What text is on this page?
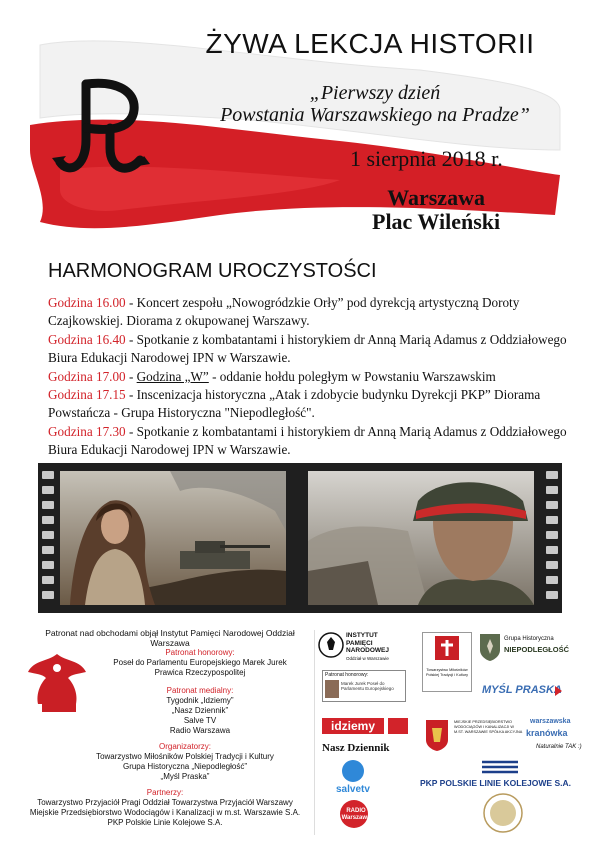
ŻYWA LEKCJA HISTORII
„Pierwszy dzień
Powstania Warszawskiego na Pradze”
1 sierpnia 2018 r.
Warszawa
Plac Wileński
HARMONOGRAM UROCZYSTOŚCI
Godzina 16.00 - Koncert zespołu „Nowogródzkie Orły” pod dyrekcją artystyczną Doroty Czajkowskiej. Diorama z okupowanej Warszawy.
Godzina 16.40 - Spotkanie z kombatantami i historykiem dr Anną Marią Adamus z Oddziałowego Biura Edukacji Narodowej IPN w Warszawie.
Godzina 17.00 - Godzina „W” - oddanie hołdu poległym w Powstaniu Warszawskim
Godzina 17.15 - Inscenizacja historyczna „Atak i zdobycie budynku Dyrekcji PKP” Diorama Powstańcza - Grupa Historyczna "Niepodległość".
Godzina 17.30 - Spotkanie z kombatantami i historykiem dr Anną Marią Adamus z Oddziałowego Biura Edukacji Narodowej IPN w Warszawie.
Patronat nad obchodami objął Instytut Pamięci Narodowej Oddział Warszawa
Patronat honorowy:
Poseł do Parlamentu Europejskiego Marek Jurek
Prawica Rzeczypospolitej
Patronat medialny:
Tygodnik „Idziemy”
„Nasz Dziennik”
Salve TV
Radio Warszawa
Organizatorzy:
Towarzystwo Miłośników Polskiej Tradycji i Kultury
Grupa Historyczna „Niepodległość”
„Myśl Praska”
Partnerzy:
Towarzystwo Przyjaciół Pragi Oddział Towarzystwa Przyjaciół Warszawy
Miejskie Przedsiębiorstwo Wodociągów i Kanalizacji w m.st. Warszawie S.A.
PKP Polskie Linie Kolejowe S.A.
INSTYTUT PAMIĘCI NARODOWEJ
Oddział w Warszawie
Patronat honorowy:
Marek Jurek Poseł do Parlamentu Europejskiego
Towarzystwo Miłośników Polskiej Tradycji i Kultury
Grupa Historyczna
NIEPODLEGŁOŚĆ
MYŚL PRASKA
idziemy
Nasz Dziennik
MIEJSKIE PRZEDSIĘBIORSTWO WODOCIĄGÓW I KANALIZACJI W M.ST. WARSZAWIE SPÓŁKA AKCYJNA
warszawska
kranówka
Naturalnie TAK :)
salvetv
RADIO Warszawa
PKP POLSKIE LINIE KOLEJOWE S.A.
